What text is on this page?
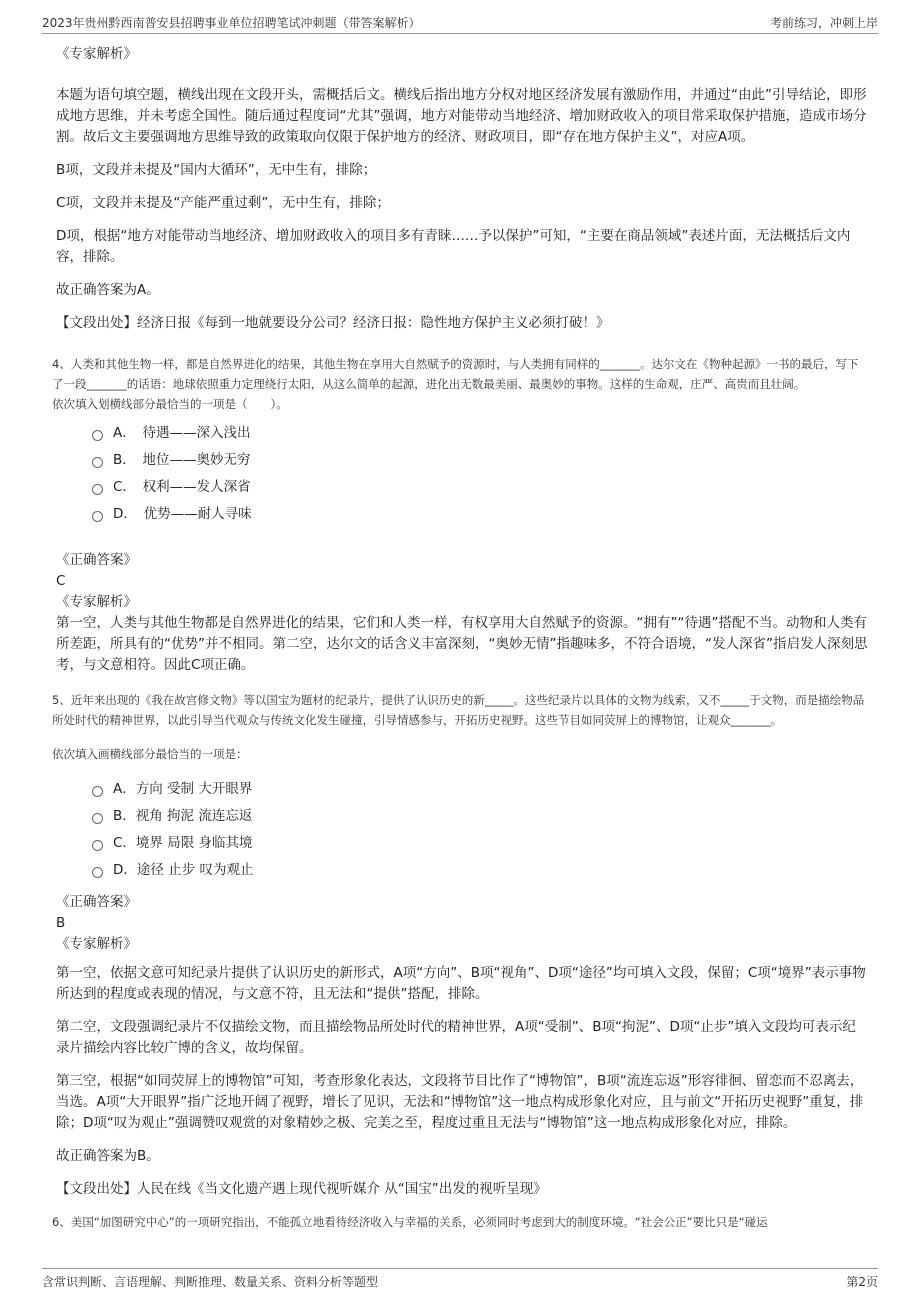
2023年贵州黔西南普安县招聘事业单位招聘笔试冲刺题（带答案解析）	考前练习，冲刺上岸
《专家解析》
本题为语句填空题，横线出现在文段开头，需概括后文。横线后指出地方分权对地区经济发展有激励作用，并通过“由此”引导结论，即形成地方思维，并未考虑全国性。随后通过程度词“尤其”强调，地方对能带动当地经济、增加财政收入的项目常采取保护措施，造成市场分割。故后文主要强调地方思维导致的政策取向仅限于保护地方的经济、财政项目，即“存在地方保护主义”，对应A项。
B项，文段并未提及“国内大循环”，无中生有，排除；
C项，文段并未提及“产能严重过剩”，无中生有，排除；
D项，根据“地方对能带动当地经济、增加财政收入的项目多有青睐……予以保护”可知，“主要在商品领域”表述片面，无法概括后文内容，排除。
故正确答案为A。
【文段出处】经济日报《每到一地就要设分公司？经济日报：隐性地方保护主义必须打破！》
4、人类和其他生物一样，都是自然界进化的结果，其他生物在享用大自然赋予的资源时，与人类拥有同样的_______。达尔文在《物种起源》一书的最后，写下了一段_______的话语：地球依照重力定理绕行太阳，从这么简单的起源，进化出无数最美丽、最奥妙的事物。这样的生命观，庄严、高贵而且壮阔。
依次填入划横线部分最恰当的一项是（　　）。
A．　待遇——深入浅出
B．　地位——奥妙无穷
C．　权利——发人深省
D．　优势——耐人寻味
《正确答案》
C
《专家解析》
第一空，人类与其他生物都是自然界进化的结果，它们和人类一样，有权享用大自然赋予的资源。“拥有”“待遇”搭配不当。动物和人类有所差距，所具有的“优势”并不相同。第二空，达尔文的话含义丰富深刻，“奥妙无情”指趣味多，不符合语境，“发人深省”指启发人深刻思考，与文意相符。因此C项正确。
5、近年来出现的《我在故宫修文物》等以国宝为题材的纪录片，提供了认识历史的新_____。这些纪录片以具体的文物为线索，又不_____于文物，而是描绘物品所处时代的精神世界，以此引导当代观众与传统文化发生碰撞，引导情感参与，开拓历史视野。这些节目如同荧屏上的博物馆，让观众_______。
依次填入画横线部分最恰当的一项是：
A．方向 受制 大开眼界
B．视角 拘泥 流连忘返
C．境界 局限 身临其境
D．途径 止步 叹为观止
《正确答案》
B
《专家解析》
第一空，依据文意可知纪录片提供了认识历史的新形式，A项“方向”、B项“视角”、D项“途径”均可填入文段，保留；C项“境界”表示事物所达到的程度或表现的情况，与文意不符，且无法和“提供”搭配，排除。
第二空，文段强调纪录片不仅描绘文物，而且描绘物品所处时代的精神世界，A项“受制”、B项“拘泥”、D项“止步”填入文段均可表示纪录片描绘内容比较广博的含义，故均保留。
第三空，根据“如同荧屏上的博物馆”可知，考查形象化表达，文段将节目比作了“博物馆”，B项“流连忘返”形容徘徊、留恋而不忍离去，当选。A项“大开眼界”指广泛地开阔了视野，增长了见识，无法和“博物馆”这一地点构成形象化对应，且与前文“开拓历史视野”重复，排除；D项“叹为观止”强调赞叹观赏的对象精妙之极、完美之至，程度过重且无法与“博物馆”这一地点构成形象化对应，排除。
故正确答案为B。
【文段出处】人民在线《当文化遗产遇上现代视听媒介 从“国宝”出发的视听呈现》
6、美国“加图研究中心”的一项研究指出，不能孤立地看待经济收入与幸福的关系，必须同时考虑到大的制度环境。“社会公正”要比只是“碰运
含常识判断、言语理解、判断推理、数量关系、资料分析等题型	第2页
